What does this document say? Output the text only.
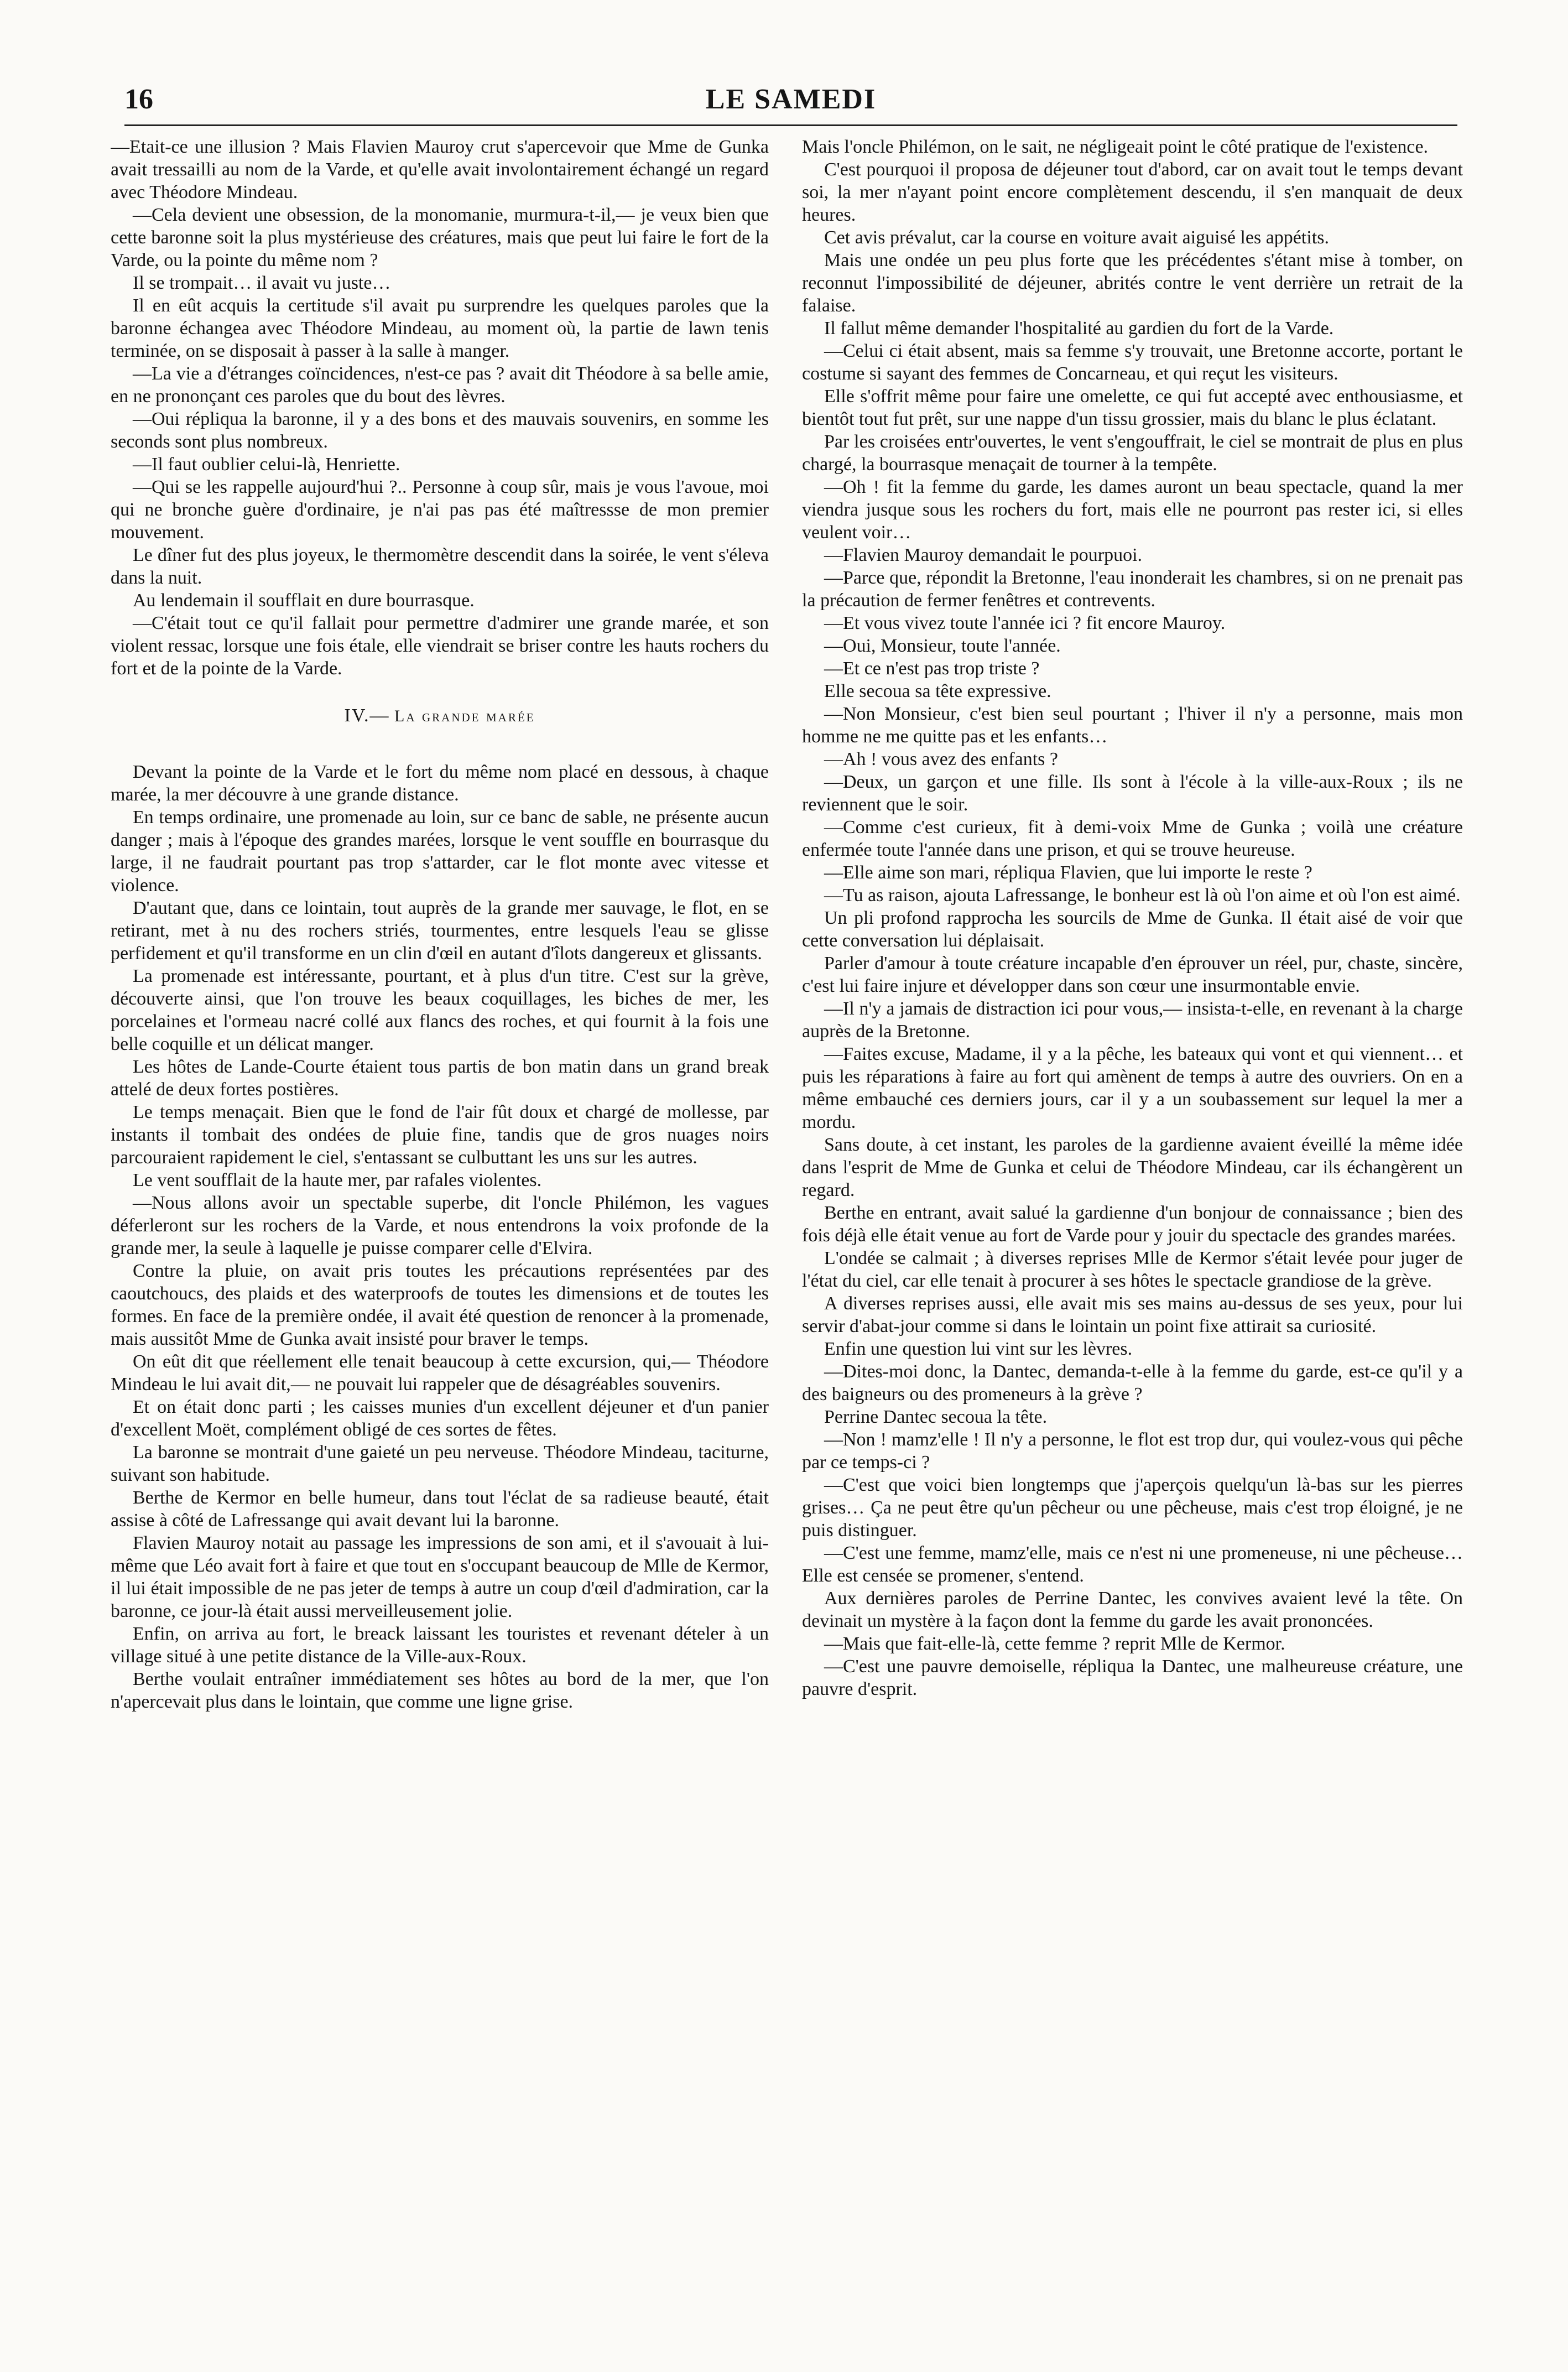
16	LE SAMEDI

—Etait-ce une illusion ? Mais Flavien Mauroy crut s'apercevoir que Mme de Gunka avait tressailli au nom de la Varde, et qu'elle avait involontairement échangé un regard avec Théodore Mindeau.

—Cela devient une obsession, de la monomanie, murmura-t-il,— je veux bien que cette baronne soit la plus mystérieuse des créatures, mais que peut lui faire le fort de la Varde, ou la pointe du même nom ?

Il se trompait… il avait vu juste…

Il en eût acquis la certitude s'il avait pu surprendre les quelques paroles que la baronne échangea avec Théodore Mindeau, au moment où, la partie de lawn tenis terminée, on se disposait à passer à la salle à manger.

—La vie a d'étranges coïncidences, n'est-ce pas ? avait dit Théodore à sa belle amie, en ne prononçant ces paroles que du bout des lèvres.

—Oui répliqua la baronne, il y a des bons et des mauvais souvenirs, en somme les seconds sont plus nombreux.

—Il faut oublier celui-là, Henriette.

—Qui se les rappelle aujourd'hui ?.. Personne à coup sûr, mais je vous l'avoue, moi qui ne bronche guère d'ordinaire, je n'ai pas pas été maîtressse de mon premier mouvement.

Le dîner fut des plus joyeux, le thermomètre descendit dans la soirée, le vent s'éleva dans la nuit.

Au lendemain il soufflait en dure bourrasque.

—C'était tout ce qu'il fallait pour permettre d'admirer une grande marée, et son violent ressac, lorsque une fois étale, elle viendrait se briser contre les hauts rochers du fort et de la pointe de la Varde.

IV.— La grande marée

Devant la pointe de la Varde et le fort du même nom placé en dessous, à chaque marée, la mer découvre à une grande distance.

En temps ordinaire, une promenade au loin, sur ce banc de sable, ne présente aucun danger ; mais à l'époque des grandes marées, lorsque le vent souffle en bourrasque du large, il ne faudrait pourtant pas trop s'attarder, car le flot monte avec vitesse et violence.

D'autant que, dans ce lointain, tout auprès de la grande mer sauvage, le flot, en se retirant, met à nu des rochers striés, tourmentes, entre lesquels l'eau se glisse perfidement et qu'il transforme en un clin d'œil en autant d'îlots dangereux et glissants.

La promenade est intéressante, pourtant, et à plus d'un titre. C'est sur la grève, découverte ainsi, que l'on trouve les beaux coquillages, les biches de mer, les porcelaines et l'ormeau nacré collé aux flancs des roches, et qui fournit à la fois une belle coquille et un délicat manger.

Les hôtes de Lande-Courte étaient tous partis de bon matin dans un grand break attelé de deux fortes postières.

Le temps menaçait. Bien que le fond de l'air fût doux et chargé de mollesse, par instants il tombait des ondées de pluie fine, tandis que de gros nuages noirs parcouraient rapidement le ciel, s'entassant se culbuttant les uns sur les autres.

Le vent soufflait de la haute mer, par rafales violentes.

—Nous allons avoir un spectable superbe, dit l'oncle Philémon, les vagues déferleront sur les rochers de la Varde, et nous entendrons la voix profonde de la grande mer, la seule à laquelle je puisse comparer celle d'Elvira.

Contre la pluie, on avait pris toutes les précautions représentées par des caoutchoucs, des plaids et des waterproofs de toutes les dimensions et de toutes les formes. En face de la première ondée, il avait été question de renoncer à la promenade, mais aussitôt Mme de Gunka avait insisté pour braver le temps.

On eût dit que réellement elle tenait beaucoup à cette excursion, qui,— Théodore Mindeau le lui avait dit,— ne pouvait lui rappeler que de désagréables souvenirs.

Et on était donc parti ; les caisses munies d'un excellent déjeuner et d'un panier d'excellent Moët, complément obligé de ces sortes de fêtes.

La baronne se montrait d'une gaieté un peu nerveuse. Théodore Mindeau, taciturne, suivant son habitude.

Berthe de Kermor en belle humeur, dans tout l'éclat de sa radieuse beauté, était assise à côté de Lafressange qui avait devant lui la baronne.

Flavien Mauroy notait au passage les impressions de son ami, et il s'avouait à lui-même que Léo avait fort à faire et que tout en s'occupant beaucoup de Mlle de Kermor, il lui était impossible de ne pas jeter de temps à autre un coup d'œil d'admiration, car la baronne, ce jour-là était aussi merveilleusement jolie.

Enfin, on arriva au fort, le breack laissant les touristes et revenant dételer à un village situé à une petite distance de la Ville-aux-Roux.

Berthe voulait entraîner immédiatement ses hôtes au bord de la mer, que l'on n'apercevait plus dans le lointain, que comme une ligne grise.

Mais l'oncle Philémon, on le sait, ne négligeait point le côté pratique de l'existence.

C'est pourquoi il proposa de déjeuner tout d'abord, car on avait tout le temps devant soi, la mer n'ayant point encore complètement descendu, il s'en manquait de deux heures.

Cet avis prévalut, car la course en voiture avait aiguisé les appétits.

Mais une ondée un peu plus forte que les précédentes s'étant mise à tomber, on reconnut l'impossibilité de déjeuner, abrités contre le vent derrière un retrait de la falaise.

Il fallut même demander l'hospitalité au gardien du fort de la Varde.

—Celui ci était absent, mais sa femme s'y trouvait, une Bretonne accorte, portant le costume si sayant des femmes de Concarneau, et qui reçut les visiteurs.

Elle s'offrit même pour faire une omelette, ce qui fut accepté avec enthousiasme, et bientôt tout fut prêt, sur une nappe d'un tissu grossier, mais du blanc le plus éclatant.

Par les croisées entr'ouvertes, le vent s'engouffrait, le ciel se montrait de plus en plus chargé, la bourrasque menaçait de tourner à la tempête.

—Oh ! fit la femme du garde, les dames auront un beau spectacle, quand la mer viendra jusque sous les rochers du fort, mais elle ne pourront pas rester ici, si elles veulent voir…

—Flavien Mauroy demandait le pourpuoi.

—Parce que, répondit la Bretonne, l'eau inonderait les chambres, si on ne prenait pas la précaution de fermer fenêtres et contrevents.

—Et vous vivez toute l'année ici ? fit encore Mauroy.

—Oui, Monsieur, toute l'année.

—Et ce n'est pas trop triste ?

Elle secoua sa tête expressive.

—Non Monsieur, c'est bien seul pourtant ; l'hiver il n'y a personne, mais mon homme ne me quitte pas et les enfants…

—Ah ! vous avez des enfants ?

—Deux, un garçon et une fille. Ils sont à l'école à la ville-aux-Roux ; ils ne reviennent que le soir.

—Comme c'est curieux, fit à demi-voix Mme de Gunka ; voilà une créature enfermée toute l'année dans une prison, et qui se trouve heureuse.

—Elle aime son mari, répliqua Flavien, que lui importe le reste ?

—Tu as raison, ajouta Lafressange, le bonheur est là où l'on aime et où l'on est aimé.

Un pli profond rapprocha les sourcils de Mme de Gunka. Il était aisé de voir que cette conversation lui déplaisait.

Parler d'amour à toute créature incapable d'en éprouver un réel, pur, chaste, sincère, c'est lui faire injure et développer dans son cœur une insurmontable envie.

—Il n'y a jamais de distraction ici pour vous,— insista-t-elle, en revenant à la charge auprès de la Bretonne.

—Faites excuse, Madame, il y a la pêche, les bateaux qui vont et qui viennent… et puis les réparations à faire au fort qui amènent de temps à autre des ouvriers. On en a même embauché ces derniers jours, car il y a un soubassement sur lequel la mer a mordu.

Sans doute, à cet instant, les paroles de la gardienne avaient éveillé la même idée dans l'esprit de Mme de Gunka et celui de Théodore Mindeau, car ils échangèrent un regard.

Berthe en entrant, avait salué la gardienne d'un bonjour de connaissance ; bien des fois déjà elle était venue au fort de Varde pour y jouir du spectacle des grandes marées.

L'ondée se calmait ; à diverses reprises Mlle de Kermor s'était levée pour juger de l'état du ciel, car elle tenait à procurer à ses hôtes le spectacle grandiose de la grève.

A diverses reprises aussi, elle avait mis ses mains au-dessus de ses yeux, pour lui servir d'abat-jour comme si dans le lointain un point fixe attirait sa curiosité.

Enfin une question lui vint sur les lèvres.

—Dites-moi donc, la Dantec, demanda-t-elle à la femme du garde, est-ce qu'il y a des baigneurs ou des promeneurs à la grève ?

Perrine Dantec secoua la tête.

—Non ! mamz'elle ! Il n'y a personne, le flot est trop dur, qui voulez-vous qui pêche par ce temps-ci ?

—C'est que voici bien longtemps que j'aperçois quelqu'un là-bas sur les pierres grises… Ça ne peut être qu'un pêcheur ou une pêcheuse, mais c'est trop éloigné, je ne puis distinguer.

—C'est une femme, mamz'elle, mais ce n'est ni une promeneuse, ni une pêcheuse… Elle est censée se promener, s'entend.

Aux dernières paroles de Perrine Dantec, les convives avaient levé la tête. On devinait un mystère à la façon dont la femme du garde les avait prononcées.

—Mais que fait-elle-là, cette femme ? reprit Mlle de Kermor.

—C'est une pauvre demoiselle, répliqua la Dantec, une malheureuse créature, une pauvre d'esprit.
